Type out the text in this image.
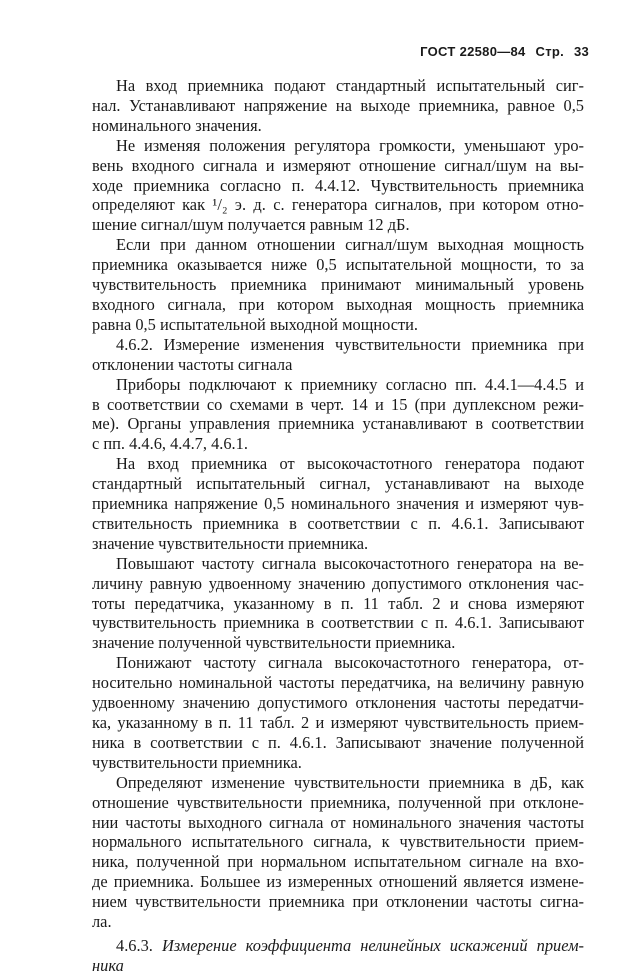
ГОСТ 22580—84 Стр. 33

На вход приемника подают стандартный испытательный сиг-
нал. Устанавливают напряжение на выходе приемника, равное 0,5
номинального значения.

Не изменяя положения регулятора громкости, уменьшают уро-
вень входного сигнала и измеряют отношение сигнал/шум на вы-
ходе приемника согласно п. 4.4.12. Чувствительность приемника
определяют как ¹/₂ э. д. с. генератора сигналов, при котором отно-
шение сигнал/шум получается равным 12 дБ.

Если при данном отношении сигнал/шум выходная мощность
приемника оказывается ниже 0,5 испытательной мощности, то за
чувствительность приемника принимают минимальный уровень
входного сигнала, при котором выходная мощность приемника
равна 0,5 испытательной выходной мощности.

4.6.2. Измерение изменения чувствительности приемника при
отклонении частоты сигнала

Приборы подключают к приемнику согласно пп. 4.4.1—4.4.5 и
в соответствии со схемами в черт. 14 и 15 (при дуплексном режи-
ме). Органы управления приемника устанавливают в соответствии
с пп. 4.4.6, 4.4.7, 4.6.1.

На вход приемника от высокочастотного генератора подают
стандартный испытательный сигнал, устанавливают на выходе
приемника напряжение 0,5 номинального значения и измеряют чув-
ствительность приемника в соответствии с п. 4.6.1. Записывают
значение чувствительности приемника.

Повышают частоту сигнала высокочастотного генератора на ве-
личину равную удвоенному значению допустимого отклонения час-
тоты передатчика, указанному в п. 11 табл. 2 и снова измеряют
чувствительность приемника в соответствии с п. 4.6.1. Записывают
значение полученной чувствительности приемника.

Понижают частоту сигнала высокочастотного генератора, от-
носительно номинальной частоты передатчика, на величину равную
удвоенному значению допустимого отклонения частоты передатчи-
ка, указанному в п. 11 табл. 2 и измеряют чувствительность прием-
ника в соответствии с п. 4.6.1. Записывают значение полученной
чувствительности приемника.

Определяют изменение чувствительности приемника в дБ, как
отношение чувствительности приемника, полученной при отклоне-
нии частоты выходного сигнала от номинального значения частоты
нормального испытательного сигнала, к чувствительности прием-
ника, полученной при нормальном испытательном сигнале на вхо-
де приемника. Большее из измеренных отношений является измене-
нием чувствительности приемника при отклонении частоты сигна-
ла.

4.6.3. Измерение коэффициента нелинейных искажений прием-
ника
